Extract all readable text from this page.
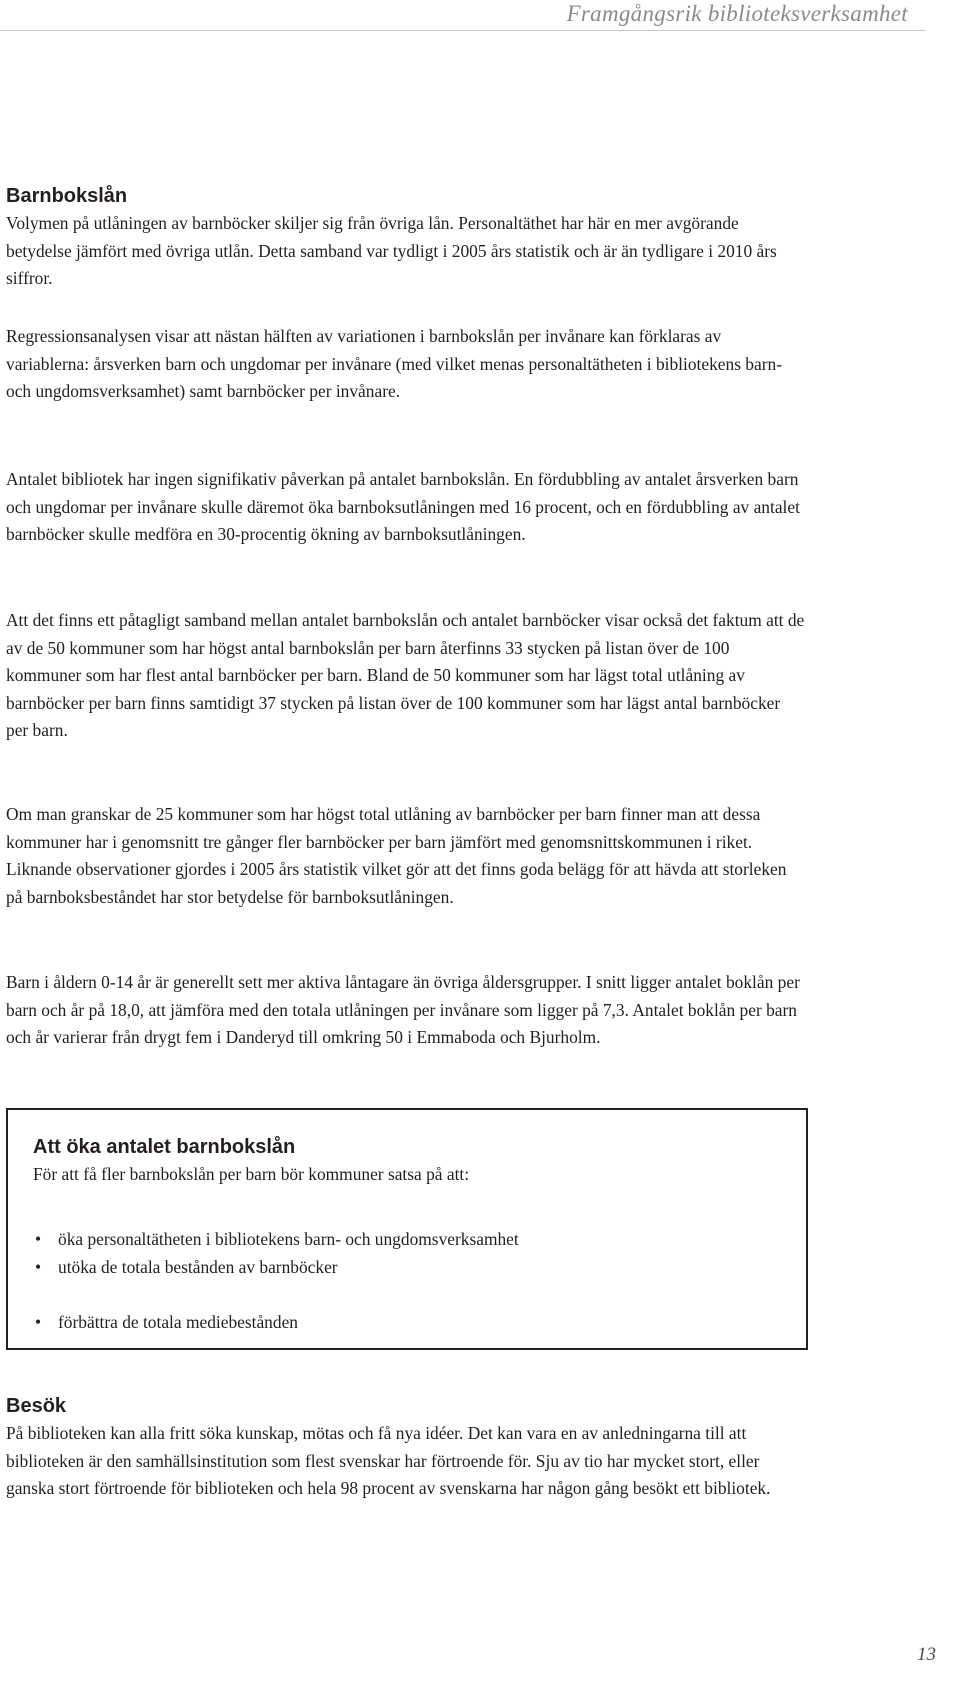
Framgångsrik biblioteksverksamhet
Barnbokslån

Volymen på utlåningen av barnböcker skiljer sig från övriga lån. Personaltäthet har här en mer avgörande betydelse jämfört med övriga utlån. Detta samband var tydligt i 2005 års statistik och är än tydligare i 2010 års siffror.

Regressionsanalysen visar att nästan hälften av variationen i barnbokslån per invånare kan förklaras av variablerna: årsverken barn och ungdomar per invånare (med vilket menas personaltätheten i bibliotekens barn- och ungdomsverksamhet) samt barnböcker per invånare.

Antalet bibliotek har ingen signifikativ påverkan på antalet barnbokslån. En fördubbling av antalet årsverken barn och ungdomar per invånare skulle däremot öka barnboksutlåningen med 16 procent, och en fördubbling av antalet barnböcker skulle medföra en 30-procentig ökning av barnboksutlåningen.

Att det finns ett påtagligt samband mellan antalet barnbokslån och antalet barnböcker visar också det faktum att de av de 50 kommuner som har högst antal barnbokslån per barn återfinns 33 stycken på listan över de 100 kommuner som har flest antal barnböcker per barn. Bland de 50 kommuner som har lägst total utlåning av barnböcker per barn finns samtidigt 37 stycken på listan över de 100 kommuner som har lägst antal barnböcker per barn.

Om man granskar de 25 kommuner som har högst total utlåning av barnböcker per barn finner man att dessa kommuner har i genomsnitt tre gånger fler barnböcker per barn jämfört med genomsnittskommunen i riket. Liknande observationer gjordes i 2005 års statistik vilket gör att det finns goda belägg för att hävda att storleken på barnboksbeståndet har stor betydelse för barnboksutlåningen.

Barn i åldern 0-14 år är generellt sett mer aktiva låntagare än övriga åldersgrupper. I snitt ligger antalet boklån per barn och år på 18,0, att jämföra med den totala utlåningen per invånare som ligger på 7,3. Antalet boklån per barn och år varierar från drygt fem i Danderyd till omkring 50 i Emmaboda och Bjurholm.

Att öka antalet barnbokslån

För att få fler barnbokslån per barn bör kommuner satsa på att:

• öka personaltätheten i bibliotekens barn- och ungdomsverksamhet
• utöka de totala bestånden av barnböcker
• förbättra de totala mediebestånden
Besök

På biblioteken kan alla fritt söka kunskap, mötas och få nya idéer. Det kan vara en av anledningarna till att biblioteken är den samhällsinstitution som flest svenskar har förtroende för. Sju av tio har mycket stort, eller ganska stort förtroende för biblioteken och hela 98 procent av svenskarna har någon gång besökt ett bibliotek.

13
